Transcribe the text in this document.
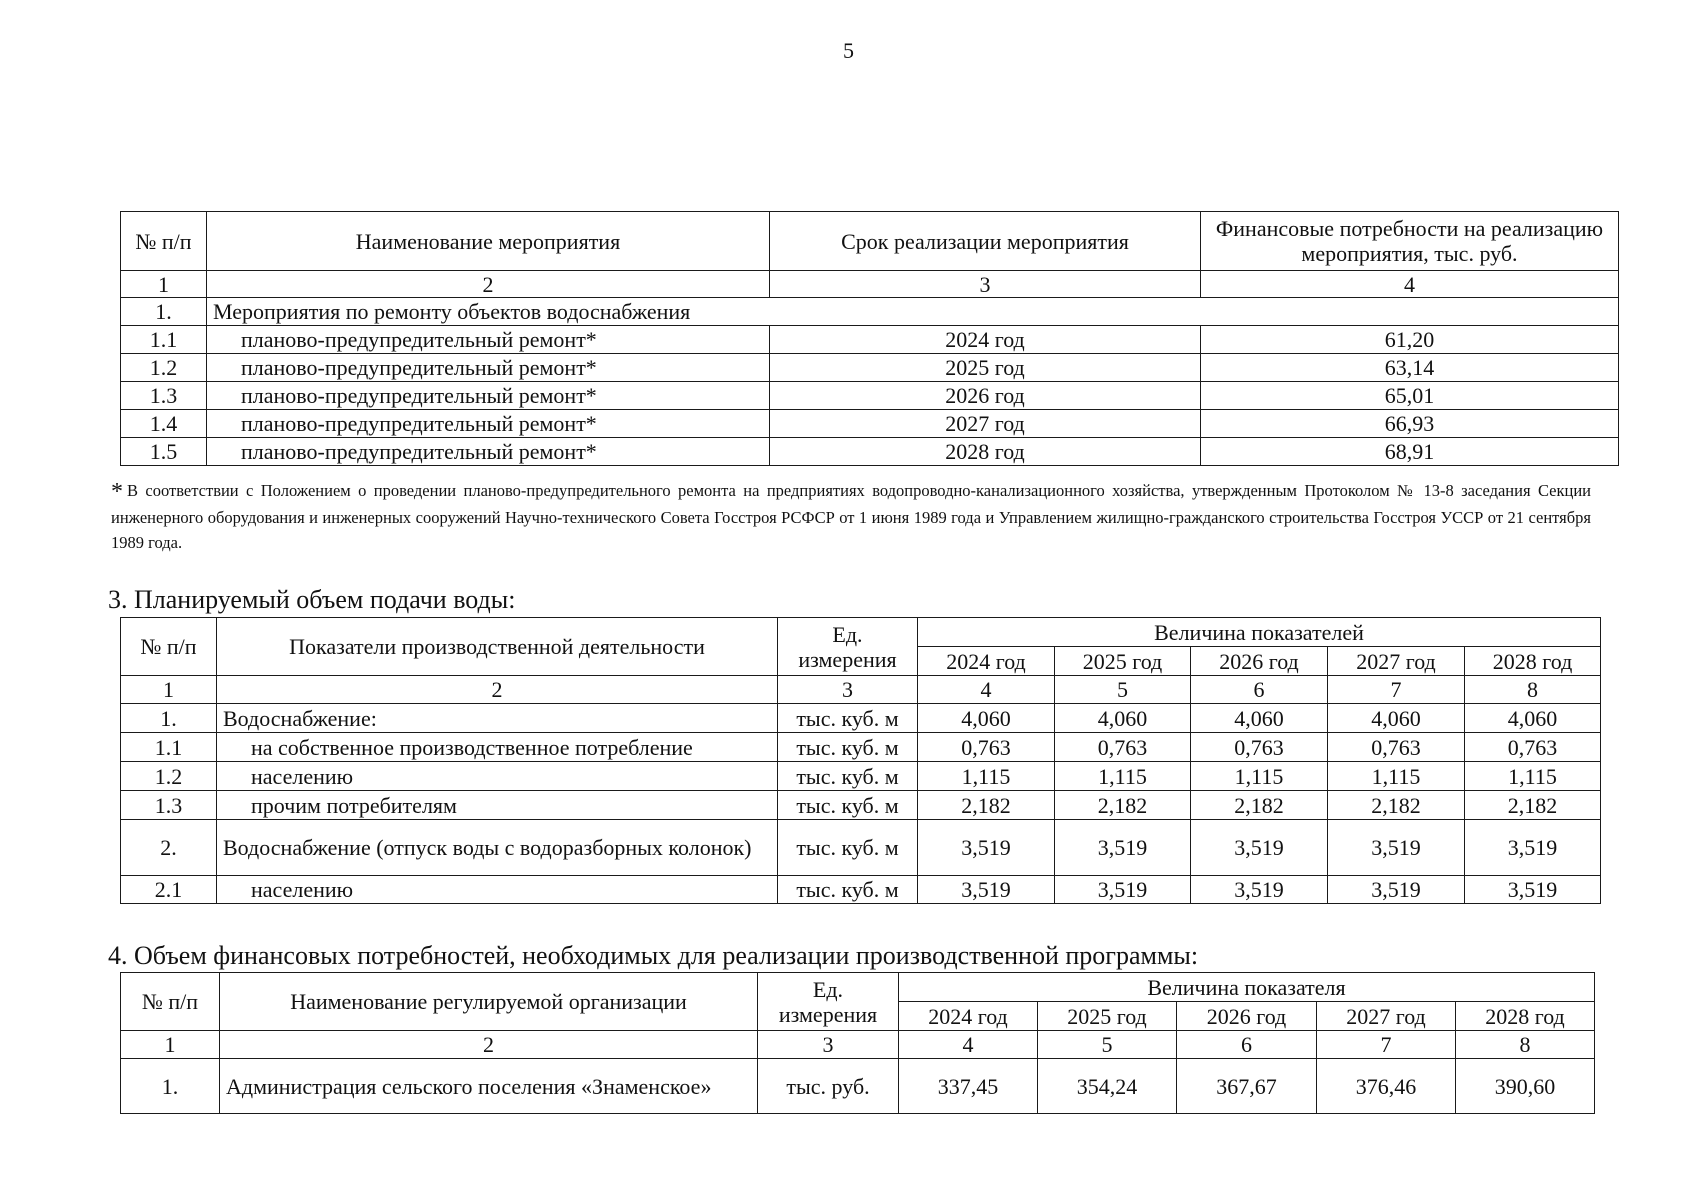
5
№ п/п	Наименование мероприятия	Срок реализации мероприятия	Финансовые потребности на реализацию мероприятия, тыс. руб.
1	2	3	4
1.	Мероприятия по ремонту объектов водоснабжения		
1.1	планово-предупредительный ремонт*	2024 год	61,20
1.2	планово-предупредительный ремонт*	2025 год	63,14
1.3	планово-предупредительный ремонт*	2026 год	65,01
1.4	планово-предупредительный ремонт*	2027 год	66,93
1.5	планово-предупредительный ремонт*	2028 год	68,91
* В соответствии с Положением о проведении планово-предупредительного ремонта на предприятиях водопроводно-канализационного хозяйства, утвержденным Протоколом № 13-8 заседания Секции инженерного оборудования и инженерных сооружений Научно-технического Совета Госстроя РСФСР от 1 июня 1989 года и Управлением жилищно-гражданского строительства Госстроя УССР от 21 сентября 1989 года.
3. Планируемый объем подачи воды:
№ п/п	Показатели производственной деятельности	Ед. измерения	Величина показателей				
			2024 год	2025 год	2026 год	2027 год	2028 год
1	2	3	4	5	6	7	8
1.	Водоснабжение:	тыс. куб. м	4,060	4,060	4,060	4,060	4,060
1.1	на собственное производственное потребление	тыс. куб. м	0,763	0,763	0,763	0,763	0,763
1.2	населению	тыс. куб. м	1,115	1,115	1,115	1,115	1,115
1.3	прочим потребителям	тыс. куб. м	2,182	2,182	2,182	2,182	2,182
2.	Водоснабжение (отпуск воды с водоразборных колонок)	тыс. куб. м	3,519	3,519	3,519	3,519	3,519
2.1	населению	тыс. куб. м	3,519	3,519	3,519	3,519	3,519
4. Объем финансовых потребностей, необходимых для реализации производственной программы:
№ п/п	Наименование регулируемой организации	Ед. измерения	Величина показателя				
			2024 год	2025 год	2026 год	2027 год	2028 год
1	2	3	4	5	6	7	8
1.	Администрация сельского поселения «Знаменское»	тыс. руб.	337,45	354,24	367,67	376,46	390,60
